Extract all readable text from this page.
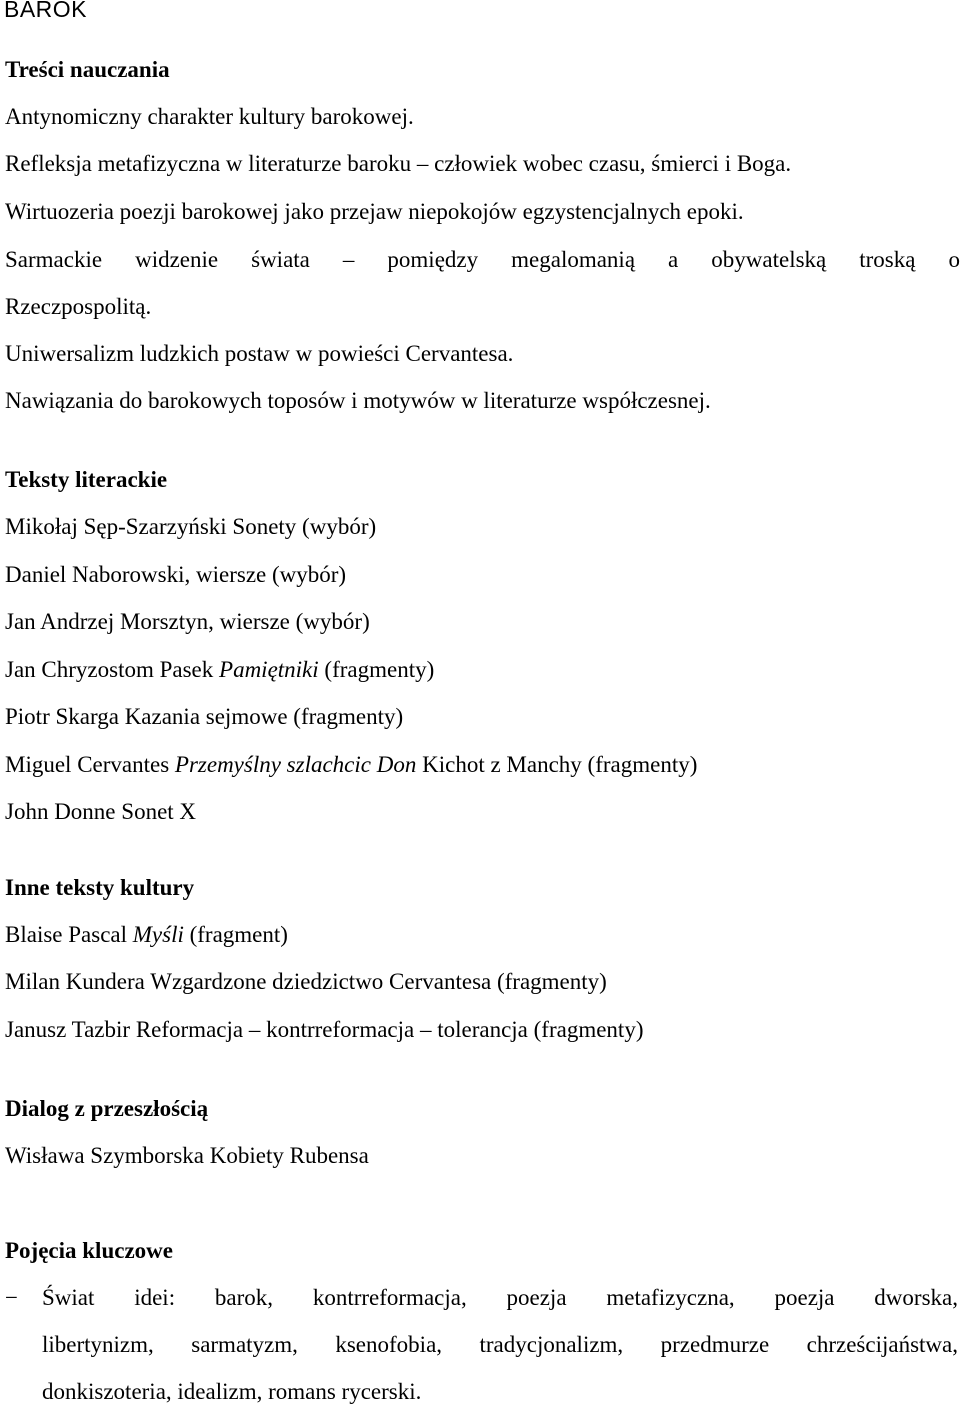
BAROK
Treści nauczania
Antynomiczny charakter kultury barokowej.
Refleksja metafizyczna w literaturze baroku – człowiek wobec czasu, śmierci i Boga.
Wirtuozeria poezji barokowej jako przejaw niepokojów egzystencjalnych epoki.
Sarmackie widzenie świata – pomiędzy megalomanią a obywatelską troską o
Rzeczpospolitą.
Uniwersalizm ludzkich postaw w powieści Cervantesa.
Nawiązania do barokowych toposów i motywów w literaturze współczesnej.
Teksty literackie
Mikołaj Sęp-Szarzyński Sonety (wybór)
Daniel Naborowski, wiersze (wybór)
Jan Andrzej Morsztyn, wiersze (wybór)
Jan Chryzostom Pasek Pamiętniki (fragmenty)
Piotr Skarga Kazania sejmowe (fragmenty)
Miguel Cervantes Przemyślny szlachcic Don Kichot z Manchy (fragmenty)
John Donne Sonet X
Inne teksty kultury
Blaise Pascal Myśli (fragment)
Milan Kundera Wzgardzone dziedzictwo Cervantesa (fragmenty)
Janusz Tazbir Reformacja – kontrreformacja – tolerancja (fragmenty)
Dialog z przeszłością
Wisława Szymborska Kobiety Rubensa
Pojęcia kluczowe
− Świat idei: barok, kontrreformacja, poezja metafizyczna, poezja dworska,
libertynizm, sarmatyzm, ksenofobia, tradycjonalizm, przedmurze chrześcijaństwa,
donkiszoteria, idealizm, romans rycerski.
